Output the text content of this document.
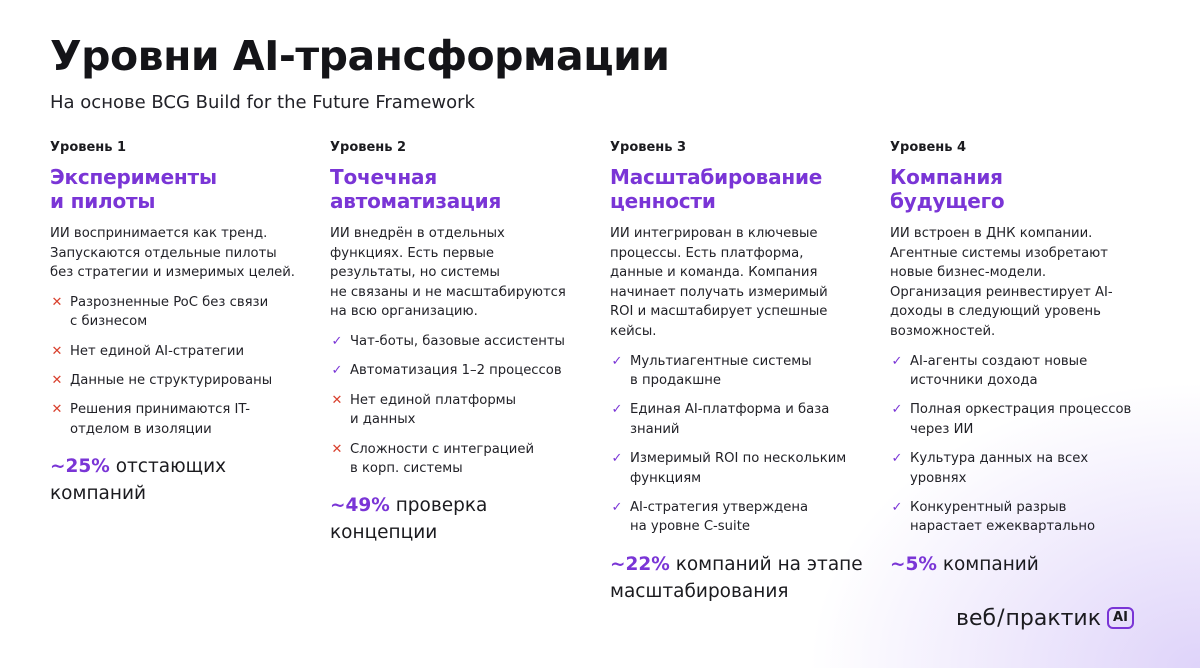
Уровни AI-трансформации
На основе BCG Build for the Future Framework
Уровень 1
Эксперименты
и пилоты
ИИ воспринимается как тренд.
Запускаются отдельные пилоты
без стратегии и измеримых целей.
✕ Разрозненные PoC без связи
с бизнесом
✕ Нет единой AI-стратегии
✕ Данные не структурированы
✕ Решения принимаются IT-
отделом в изоляции
~25% отстающих
компаний
Уровень 2
Точечная
автоматизация
ИИ внедрён в отдельных
функциях. Есть первые
результаты, но системы
не связаны и не масштабируются
на всю организацию.
✓ Чат-боты, базовые ассистенты
✓ Автоматизация 1–2 процессов
✕ Нет единой платформы
и данных
✕ Сложности с интеграцией
в корп. системы
~49% проверка
концепции
Уровень 3
Масштабирование
ценности
ИИ интегрирован в ключевые
процессы. Есть платформа,
данные и команда. Компания
начинает получать измеримый
ROI и масштабирует успешные
кейсы.
✓ Мультиагентные системы
в продакшне
✓ Единая AI-платформа и база
знаний
✓ Измеримый ROI по нескольким
функциям
✓ AI-стратегия утверждена
на уровне C-suite
~22% компаний на этапе
масштабирования
Уровень 4
Компания
будущего
ИИ встроен в ДНК компании.
Агентные системы изобретают
новые бизнес-модели.
Организация реинвестирует AI-
доходы в следующий уровень
возможностей.
✓ AI-агенты создают новые
источники дохода
✓ Полная оркестрация процессов
через ИИ
✓ Культура данных на всех
уровнях
✓ Конкурентный разрыв
нарастает ежеквартально
~5% компаний
веб / практик AI
